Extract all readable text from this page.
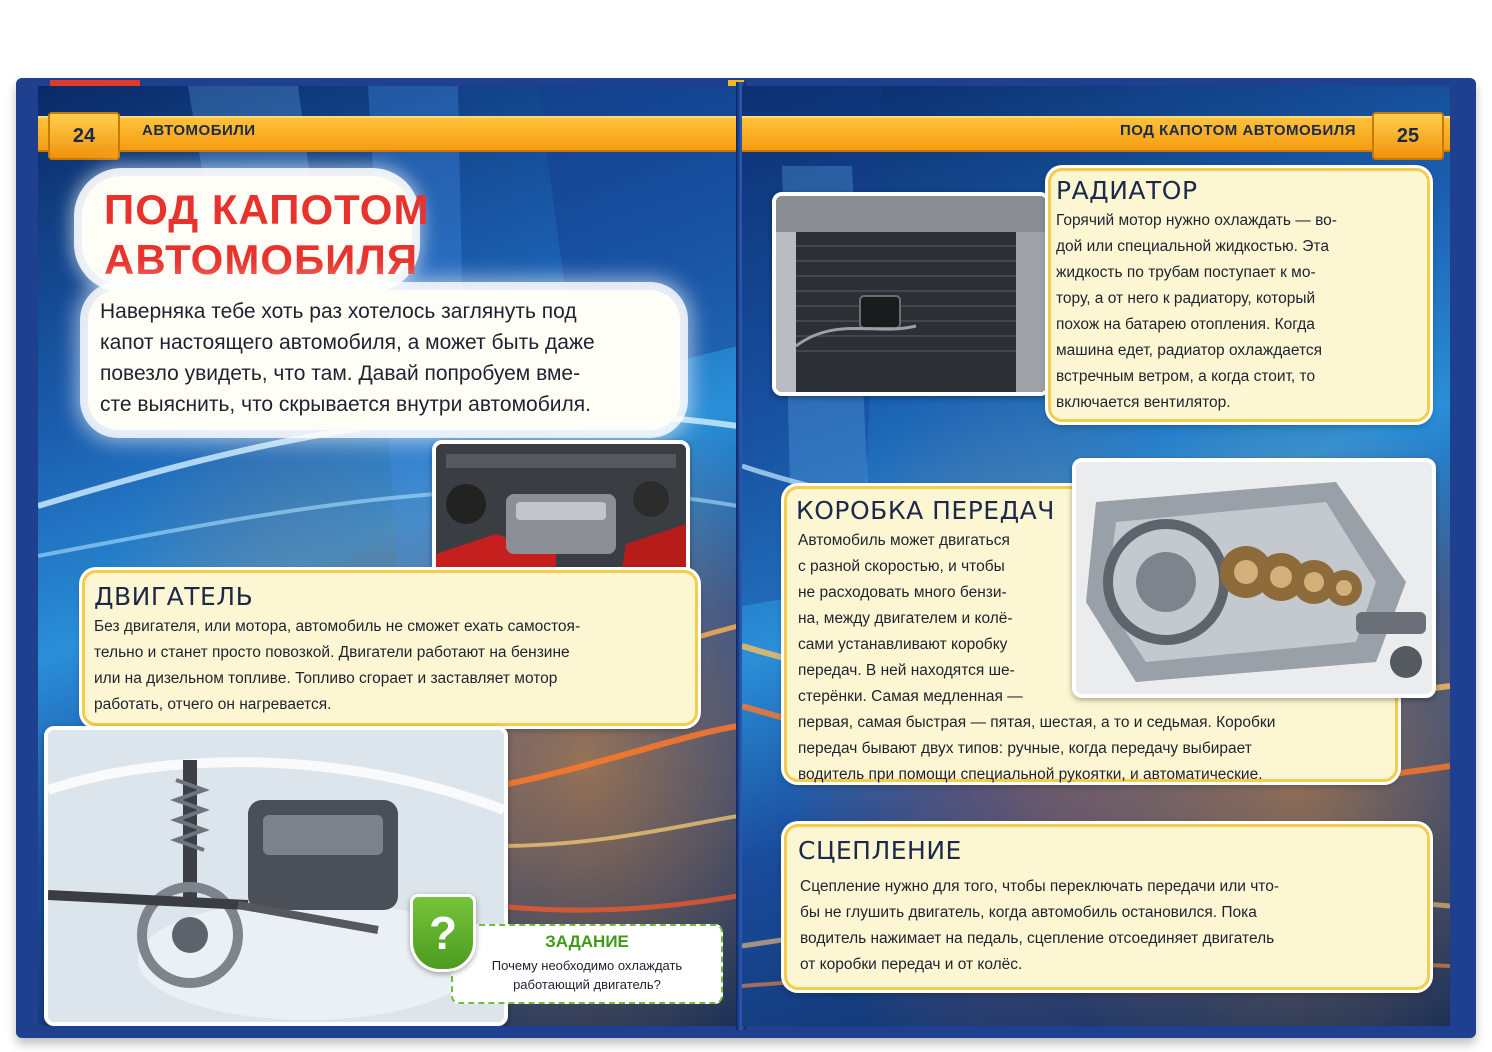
24	АВТОМОБИЛИ
ПОД КАПОТОМ
АВТОМОБИЛЯ
Наверняка тебе хоть раз хотелось заглянуть под
капот настоящего автомобиля, а может быть даже
повезло увидеть, что там. Давай попробуем вме-
сте выяснить, что скрывается внутри автомобиля.
ДВИГАТЕЛЬ
Без двигателя, или мотора, автомобиль не сможет ехать самостоя-
тельно и станет просто повозкой. Двигатели работают на бензине
или на дизельном топливе. Топливо сгорает и заставляет мотор
работать, отчего он нагревается.
ЗАДАНИЕ
Почему необходимо охлаждать
работающий двигатель?
?
ПОД КАПОТОМ АВТОМОБИЛЯ	25
РАДИАТОР
Горячий мотор нужно охлаждать — во-
дой или специальной жидкостью. Эта
жидкость по трубам поступает к мо-
тору, а от него к радиатору, который
похож на батарею отопления. Когда
машина едет, радиатор охлаждается
встречным ветром, а когда стоит, то
включается вентилятор.
КОРОБКА ПЕРЕДАЧ
Автомобиль может двигаться
с разной скоростью, и чтобы
не расходовать много бензи-
на, между двигателем и колё-
сами устанавливают коробку
передач. В ней находятся ше-
стерёнки. Самая медленная —
первая, самая быстрая — пятая, шестая, а то и седьмая. Коробки
передач бывают двух типов: ручные, когда передачу выбирает
водитель при помощи специальной рукоятки, и автоматические.
СЦЕПЛЕНИЕ
Сцепление нужно для того, чтобы переключать передачи или что-
бы не глушить двигатель, когда автомобиль остановился. Пока
водитель нажимает на педаль, сцепление отсоединяет двигатель
от коробки передач и от колёс.
